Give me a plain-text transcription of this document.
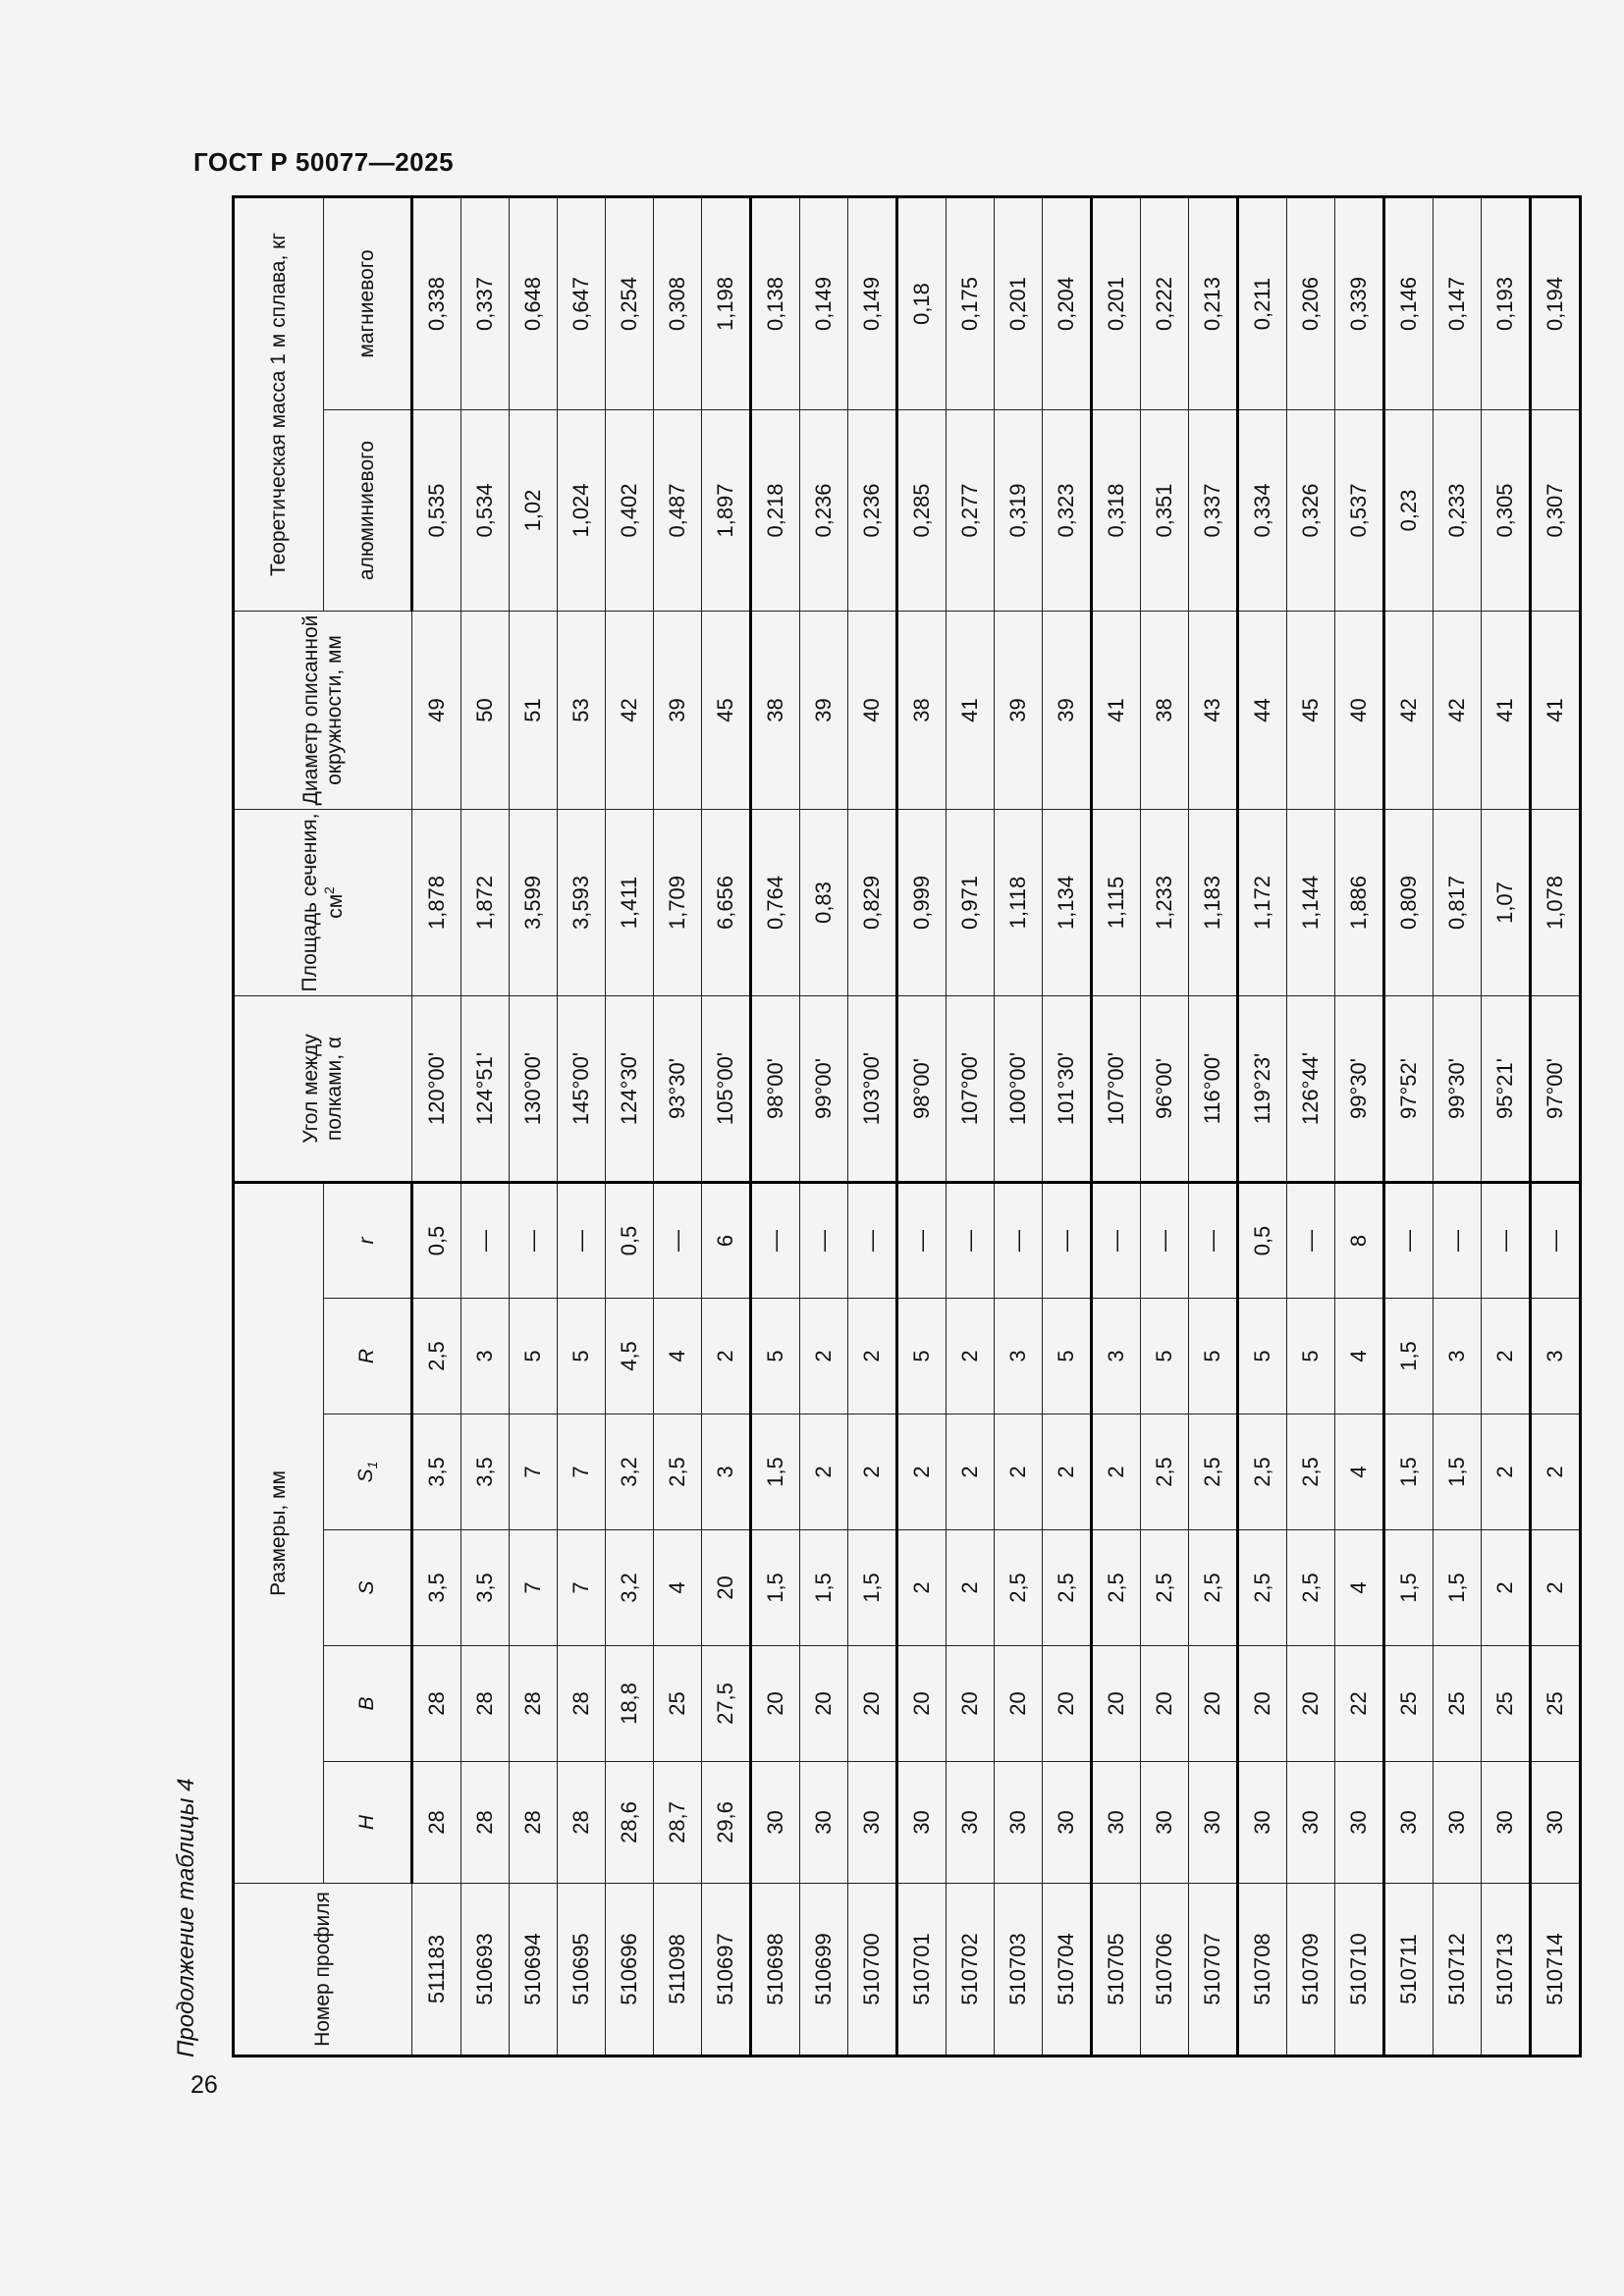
ГОСТ Р 50077—2025
26
Продолжение таблицы 4	Номер профиля	Размеры, мм						Угол между полками, α	Площадь сечения, $см^2$	Диаметр описанной окружности, мм	Теоретическая масса 1 м сплава, кг	
	H	B	S	$S_1$	R	r				алюминиевого	магниевого
511183	28	28	3,5	3,5	2,5	0,5	120°00'	1,878	49	0,535	0,338
510693	28	28	3,5	3,5	3	—	124°51'	1,872	50	0,534	0,337
510694	28	28	7	7	5	—	130°00'	3,599	51	1,02	0,648
510695	28	28	7	7	5	—	145°00'	3,593	53	1,024	0,647
510696	28,6	18,8	3,2	3,2	4,5	0,5	124°30'	1,411	42	0,402	0,254
511098	28,7	25	4	2,5	4	—	93°30'	1,709	39	0,487	0,308
510697	29,6	27,5	20	3	2	6	105°00'	6,656	45	1,897	1,198
510698	30	20	1,5	1,5	5	—	98°00'	0,764	38	0,218	0,138
510699	30	20	1,5	2	2	—	99°00'	0,83	39	0,236	0,149
510700	30	20	1,5	2	2	—	103°00'	0,829	40	0,236	0,149
510701	30	20	2	2	5	—	98°00'	0,999	38	0,285	0,18
510702	30	20	2	2	2	—	107°00'	0,971	41	0,277	0,175
510703	30	20	2,5	2	3	—	100°00'	1,118	39	0,319	0,201
510704	30	20	2,5	2	5	—	101°30'	1,134	39	0,323	0,204
510705	30	20	2,5	2	3	—	107°00'	1,115	41	0,318	0,201
510706	30	20	2,5	2,5	5	—	96°00'	1,233	38	0,351	0,222
510707	30	20	2,5	2,5	5	—	116°00'	1,183	43	0,337	0,213
510708	30	20	2,5	2,5	5	0,5	119°23'	1,172	44	0,334	0,211
510709	30	20	2,5	2,5	5	—	126°44'	1,144	45	0,326	0,206
510710	30	22	4	4	4	8	99°30'	1,886	40	0,537	0,339
510711	30	25	1,5	1,5	1,5	—	97°52'	0,809	42	0,23	0,146
510712	30	25	1,5	1,5	3	—	99°30'	0,817	42	0,233	0,147
510713	30	25	2	2	2	—	95°21'	1,07	41	0,305	0,193
510714	30	25	2	2	3	—	97°00'	1,078	41	0,307	0,194
